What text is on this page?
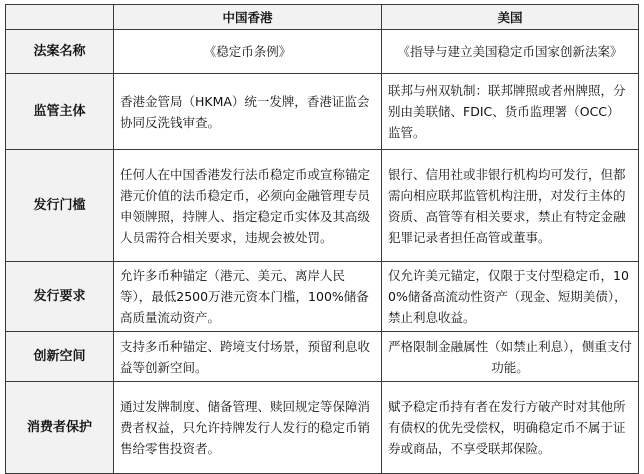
	中国香港	美国
法案名称	《稳定币条例》	《指导与建立美国稳定币国家创新法案》
监管主体	香港金管局（HKMA）统一发牌，香港证监会协同反洗钱审查。	联邦与州双轨制：联邦牌照或者州牌照，分别由美联储、FDIC、货币监理署（OCC）监管。
发行门槛	任何人在中国香港发行法币稳定币或宣称锚定港元价值的法币稳定币，必须向金融管理专员申领牌照，持牌人、指定稳定币实体及其高级人员需符合相关要求，违规会被处罚。	银行、信用社或非银行机构均可发行，但都需向相应联邦监管机构注册，对发行主体的资质、高管等有相关要求，禁止有特定金融犯罪记录者担任高管或董事。
发行要求	允许多币种锚定（港元、美元、离岸人民等），最低2500万港元资本门槛，100%储备高质量流动资产。	仅允许美元锚定，仅限于支付型稳定币，100%储备高流动性资产（现金、短期美债），禁止利息收益。
创新空间	支持多币种锚定、跨境支付场景，预留利息收益等创新空间。	严格限制金融属性（如禁止利息），侧重支付功能。
消费者保护	通过发牌制度、储备管理、赎回规定等保障消费者权益，只允许持牌发行人发行的稳定币销售给零售投资者。	赋予稳定币持有者在发行方破产时对其他所有债权的优先受偿权，明确稳定币不属于证券或商品，不享受联邦保险。
